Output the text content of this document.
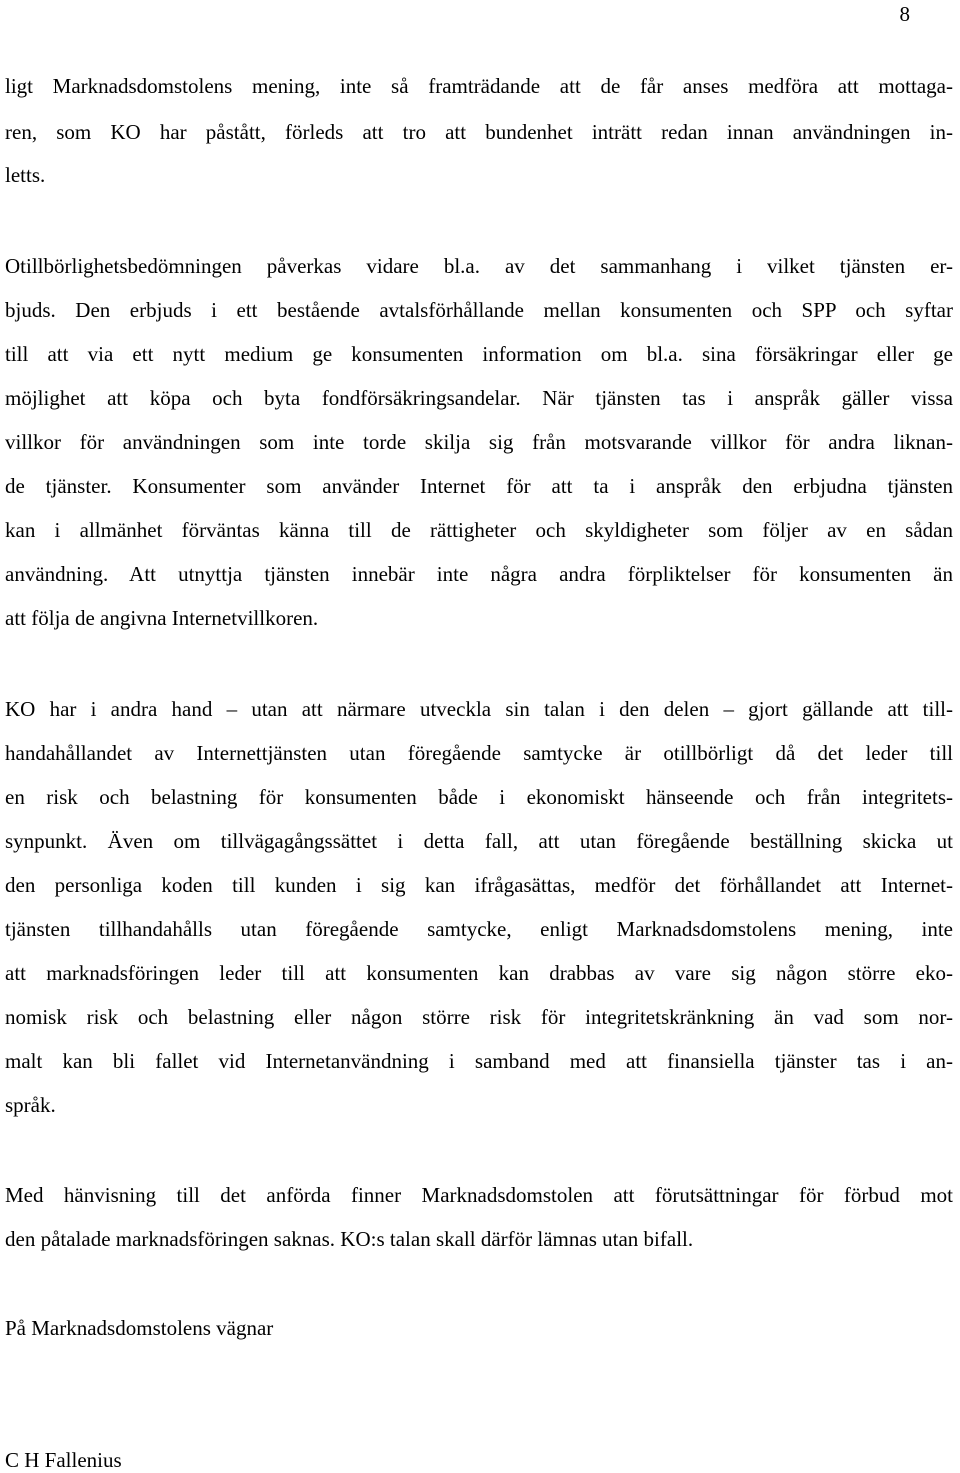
8
ligt Marknadsdomstolens mening, inte så framträdande att de får anses medföra att mottaga-
ren, som KO har påstått, förleds att tro att bundenhet inträtt redan innan användningen in-
letts.
Otillbörlighetsbedömningen påverkas vidare bl.a. av det sammanhang i vilket tjänsten er-
bjuds. Den erbjuds i ett bestående avtalsförhållande mellan konsumenten och SPP och syftar
till att via ett nytt medium ge konsumenten information om bl.a. sina försäkringar eller ge
möjlighet att köpa och byta fondförsäkringsandelar. När tjänsten tas i anspråk gäller vissa
villkor för användningen som inte torde skilja sig från motsvarande villkor för andra liknan-
de tjänster. Konsumenter som använder Internet för att ta i anspråk den erbjudna tjänsten
kan i allmänhet förväntas känna till de rättigheter och skyldigheter som följer av en sådan
användning. Att utnyttja tjänsten innebär inte några andra förpliktelser för konsumenten än
att följa de angivna Internetvillkoren.
KO har i andra hand – utan att närmare utveckla sin talan i den delen – gjort gällande att till-
handahållandet av Internettjänsten utan föregående samtycke är otillbörligt då det leder till
en risk och belastning för konsumenten både i ekonomiskt hänseende och från integritets-
synpunkt. Även om tillvägagångssättet i detta fall, att utan föregående beställning skicka ut
den personliga koden till kunden i sig kan ifrågasättas, medför det förhållandet att Internet-
tjänsten tillhandahålls utan föregående samtycke, enligt Marknadsdomstolens mening, inte
att marknadsföringen leder till att konsumenten kan drabbas av vare sig någon större eko-
nomisk risk och belastning eller någon större risk för integritetskränkning än vad som nor-
malt kan bli fallet vid Internetanvändning i samband med att finansiella tjänster tas i an-
språk.
Med hänvisning till det anförda finner Marknadsdomstolen att förutsättningar för förbud mot
den påtalade marknadsföringen saknas. KO:s talan skall därför lämnas utan bifall.
På Marknadsdomstolens vägnar
C H Fallenius
